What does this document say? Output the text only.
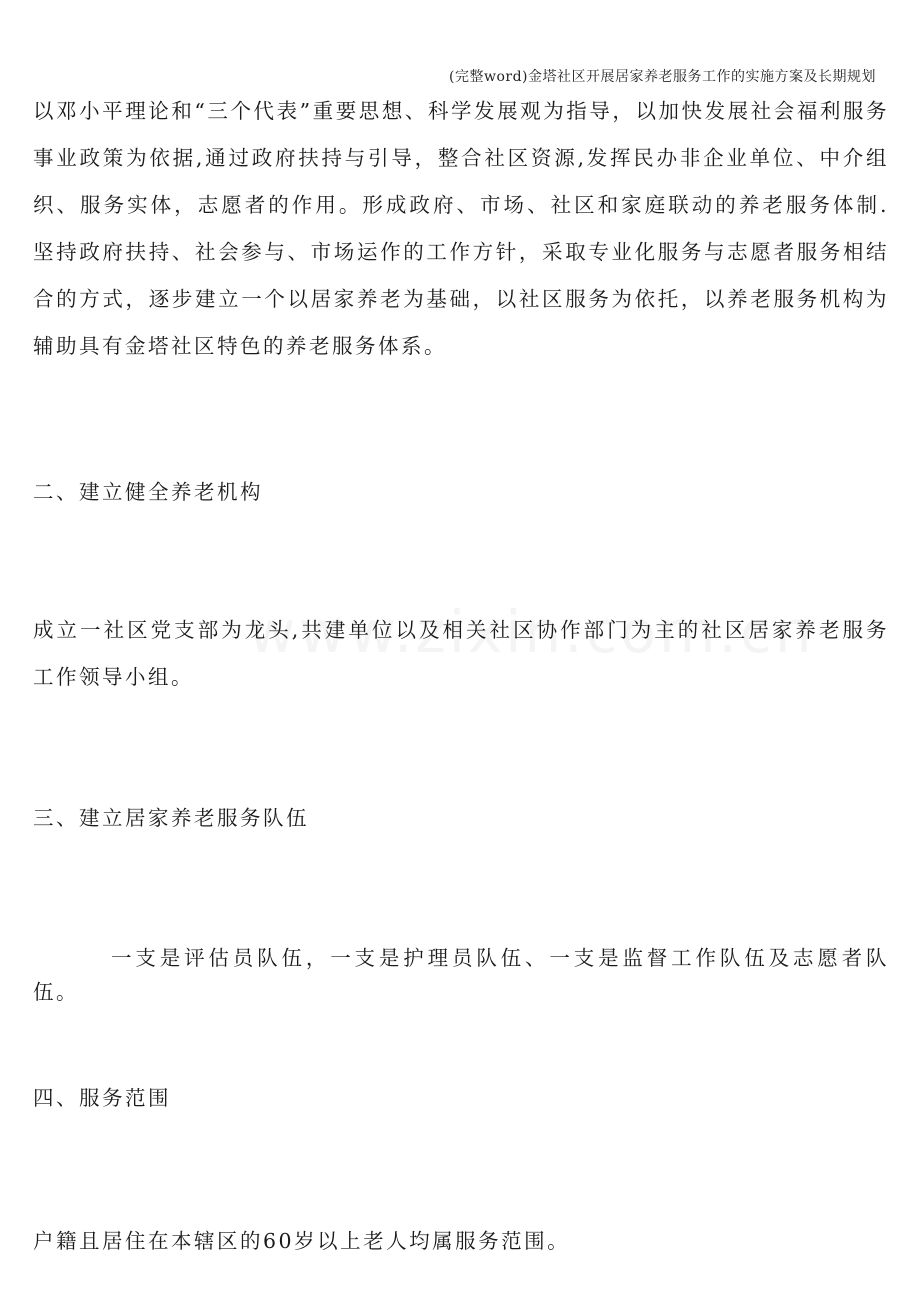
(完整word)金塔社区开展居家养老服务工作的实施方案及长期规划

以邓小平理论和“三个代表”重要思想、科学发展观为指导，以加快发展社会福利服务事业政策为依据,通过政府扶持与引导，整合社区资源,发挥民办非企业单位、中介组织、服务实体，志愿者的作用。形成政府、市场、社区和家庭联动的养老服务体制.坚持政府扶持、社会参与、市场运作的工作方针，采取专业化服务与志愿者服务相结合的方式，逐步建立一个以居家养老为基础，以社区服务为依托，以养老服务机构为辅助具有金塔社区特色的养老服务体系。

二、建立健全养老机构

成立一社区党支部为龙头,共建单位以及相关社区协作部门为主的社区居家养老服务工作领导小组。

三、建立居家养老服务队伍

一支是评估员队伍，一支是护理员队伍、一支是监督工作队伍及志愿者队伍。

四、服务范围

户籍且居住在本辖区的60岁以上老人均属服务范围。
